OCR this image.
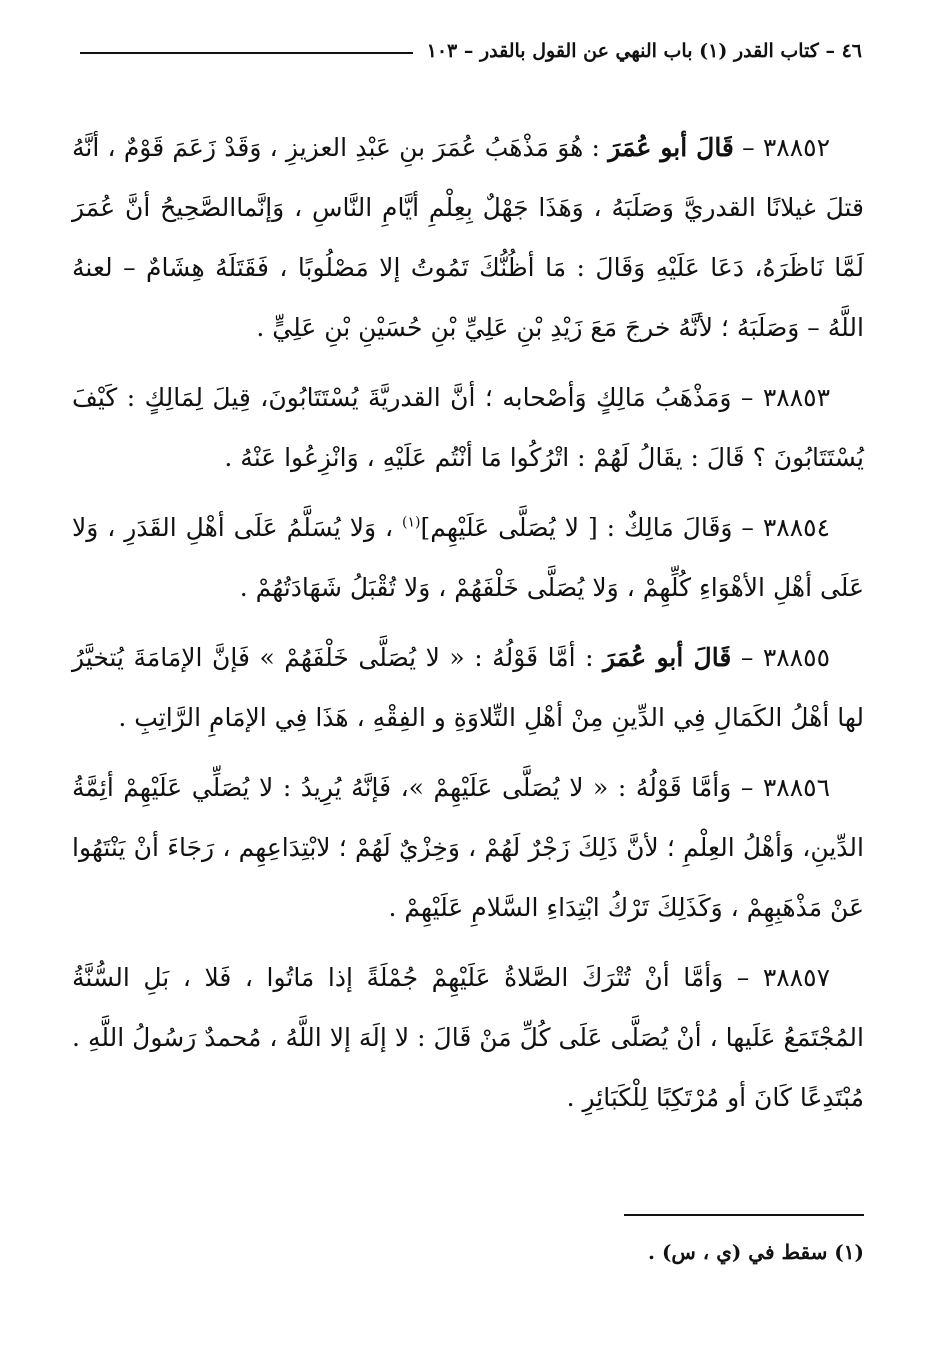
٤٦ – كتاب القدر (١) باب النهي عن القول بالقدر – ١٠٣

٣٨٨٥٢ – قَالَ أبو عُمَرَ : هُوَ مَذْهَبُ عُمَرَ بنِ عَبْدِ العزيزِ ، وَقَدْ زَعَمَ قَوْمٌ ، أنَّهُ قتلَ غيلانًا القدريَّ وَصَلَبَهُ ، وَهَذَا جَهْلٌ بِعِلْمِ أيَّامِ النَّاسِ ، وَإنَّماالصَّحِيحُ أنَّ عُمَرَ لَمَّا نَاظَرَهُ، دَعَا عَلَيْهِ وَقَالَ : مَا أظُنُّكَ تَمُوتُ إلا مَصْلُوبًا ، فَقَتَلَهُ هِشَامٌ – لعنهُ اللَّهُ – وَصَلَبَهُ ؛ لأنَّهُ خرجَ مَعَ زَيْدِ بْنِ عَلِيِّ بْنِ حُسَيْنِ بْنِ عَلِيٍّ .

٣٨٨٥٣ – وَمَذْهَبُ مَالِكٍ وَأصْحابه ؛ أنَّ القدريَّةَ يُسْتَتَابُونَ، قِيلَ لِمَالِكٍ : كَيْفَ يُسْتَتَابُونَ ؟ قَالَ : يقَالُ لَهُمْ : اتْرُكُوا مَا أنْتُم عَلَيْهِ ، وَانْزِعُوا عَنْهُ .

٣٨٨٥٤ – وَقَالَ مَالِكٌ : [ لا يُصَلَّى عَلَيْهِم]$^{(١)}$ ، وَلا يُسَلَّمُ عَلَى أهْلِ القَدَرِ ، وَلا عَلَى أهْلِ الأهْوَاءِ كُلِّهِمْ ، وَلا يُصَلَّى خَلْفَهُمْ ، وَلا تُقْبَلُ شَهَادَتُهُمْ .

٣٨٨٥٥ – قَالَ أبو عُمَرَ : أمَّا قَوْلُهُ : « لا يُصَلَّى خَلْفَهُمْ » فَإنَّ الإمَامَةَ يُتخيَّرُ لها أهْلُ الكَمَالِ فِي الدِّينِ مِنْ أهْلِ التِّلاوَةِ و الفِقْهِ ، هَذَا فِي الإمَامِ الرَّاتِبِ .

٣٨٨٥٦ – وَأمَّا قَوْلُهُ : « لا يُصَلَّى عَلَيْهِمْ »، فَإنَّهُ يُرِيدُ : لا يُصَلِّي عَلَيْهِمْ أئِمَّةُ الدِّينِ، وَأهْلُ العِلْمِ ؛ لأنَّ ذَلِكَ زَجْرٌ لَهُمْ ، وَخِزْيٌ لَهُمْ ؛ لابْتِدَاعِهِم ، رَجَاءَ أنْ يَنْتَهُوا عَنْ مَذْهَبِهِمْ ، وَكَذَلِكَ تَرْكُ ابْتِدَاءِ السَّلامِ عَلَيْهِمْ .

٣٨٨٥٧ – وَأمَّا أنْ تُتْرَكَ الصَّلاةُ عَلَيْهِمْ جُمْلَةً إذا مَاتُوا ، فَلا ، بَلِ السُّنَّةُ المُجْتَمَعُ عَلَيها ، أنْ يُصَلَّى عَلَى كُلِّ مَنْ قَالَ : لا إلَهَ إلا اللَّهُ ، مُحمدٌ رَسُولُ اللَّهِ . مُبْتَدِعًا كَانَ أو مُرْتَكِبًا لِلْكَبَائِرِ .

(١) سقط في (ي ، س) .
